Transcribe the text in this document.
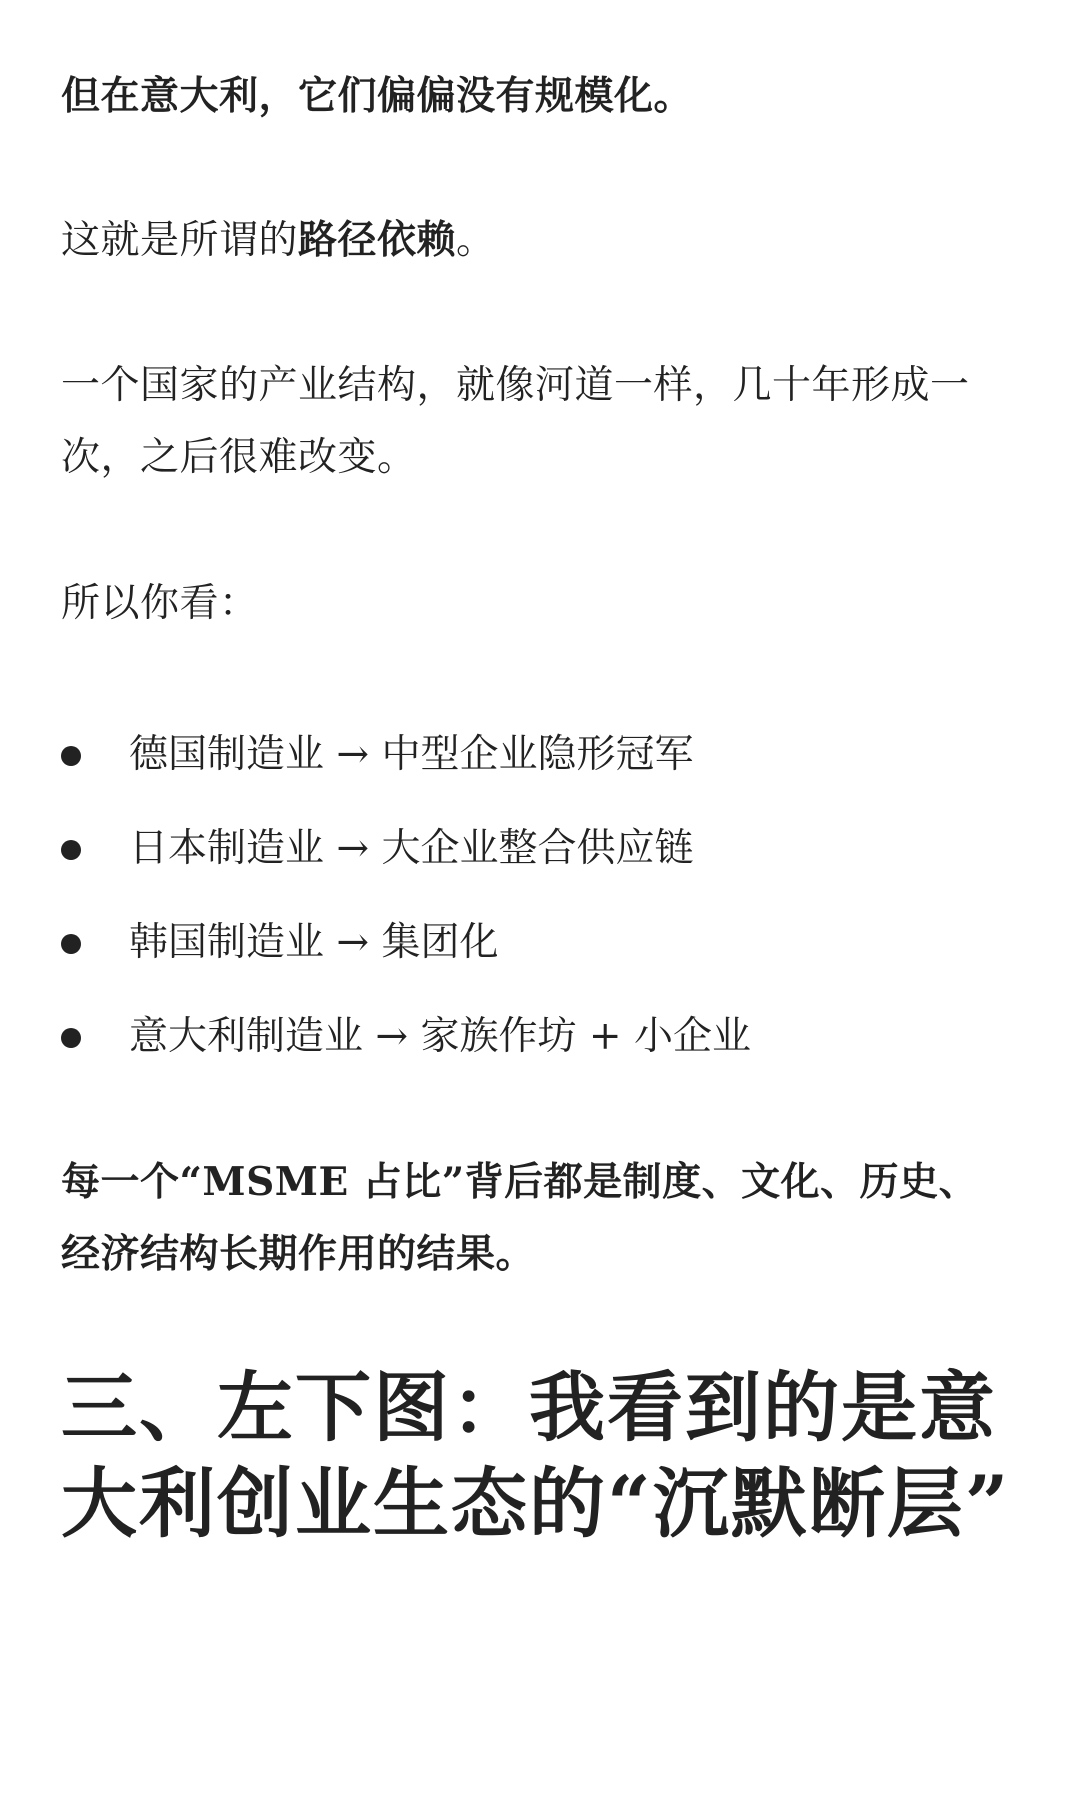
但在意大利，它们偏偏没有规模化。

这就是所谓的路径依赖。

一个国家的产业结构，就像河道一样，几十年形成一
次，之后很难改变。

所以你看：

德国制造业 → 中型企业隐形冠军
日本制造业 → 大企业整合供应链
韩国制造业 → 集团化
意大利制造业 → 家族作坊 + 小企业

每一个“MSME 占比”背后都是制度、文化、历史、
经济结构长期作用的结果。

三、左下图：我看到的是意
大利创业生态的“沉默断层”
